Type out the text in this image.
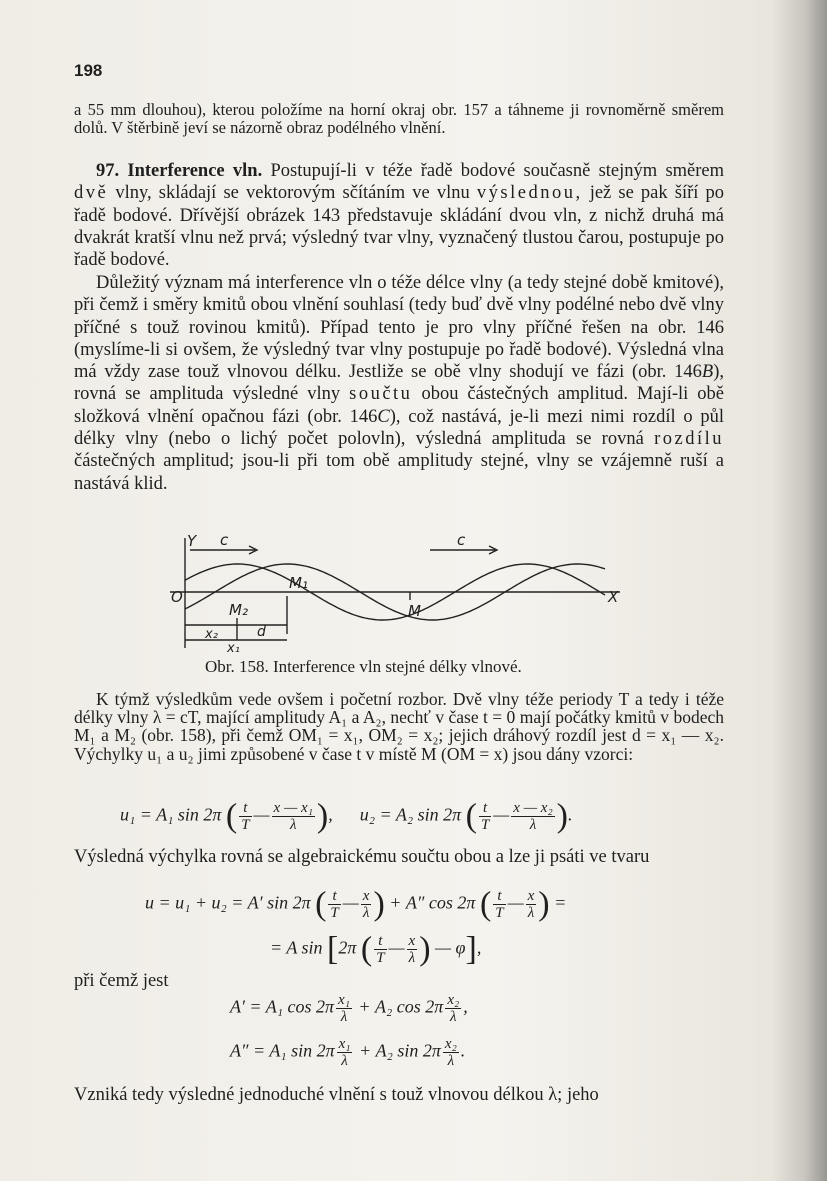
198

a 55 mm dlouhou), kterou položíme na horní okraj obr. 157 a táhneme ji rovnoměrně směrem dolů. V štěrbině jeví se názorně obraz podélného vlnění.

97. Interference vln. Postupují-li v téže řadě bodové současně stejným směrem dvě vlny, skládají se vektorovým sčítáním ve vlnu výslednou, jež se pak šíří po řadě bodové. Dřívější obrázek 143 představuje skládání dvou vln, z nichž druhá má dvakrát kratší vlnu než prvá; výsledný tvar vlny, vyznačený tlustou čarou, postupuje po řadě bodové.

Důležitý význam má interference vln o téže délce vlny (a tedy stejné době kmitové), při čemž i směry kmitů obou vlnění souhlasí (tedy buď dvě vlny podélné nebo dvě vlny příčné s touž rovinou kmitů). Případ tento je pro vlny příčné řešen na obr. 146 (myslíme-li si ovšem, že výsledný tvar vlny postupuje po řadě bodové). Výsledná vlna má vždy zase touž vlnovou délku. Jestliže se obě vlny shodují ve fázi (obr. 146B), rovná se amplituda výsledné vlny součtu obou částečných amplitud. Mají-li obě složková vlnění opačnou fázi (obr. 146C), což nastává, je-li mezi nimi rozdíl o půl délky vlny (nebo o lichý počet polovln), výsledná amplituda se rovná rozdílu částečných amplitud; jsou-li při tom obě amplitudy stejné, vlny se vzájemně ruší a nastává klid.

Y c	c
O
M₁
M₂	M
X
x₂	d
x₁
Obr. 158. Interference vln stejné délky vlnové.

K týmž výsledkům vede ovšem i početní rozbor. Dvě vlny téže periody T a tedy i téže délky vlny λ = cT, mající amplitudy A₁ a A₂, nechť v čase t = 0 mají počátky kmitů v bodech M₁ a M₂ (obr. 158), při čemž OM₁ = x₁, OM₂ = x₂; jejich dráhový rozdíl jest d = x₁ — x₂. Výchylky u₁ a u₂ jimi způsobené v čase t v místě M (OM = x) jsou dány vzorci:

u₁ = A₁ sin 2π ( $\frac{t}{T}$ — $\frac{\text{x — x₁}}{\lambda}$ ), u₂ = A₂ sin 2π ( $\frac{t}{T}$ — $\frac{\text{x — x₂}}{\lambda}$ ).

Výsledná výchylka rovná se algebraickému součtu obou a lze ji psáti ve tvaru

u = u₁ + u₂ = A′ sin 2π ( $\frac{t}{T}$ — $\frac{x}{\lambda}$ ) + A″ cos 2π ( $\frac{t}{T}$ — $\frac{x}{\lambda}$ ) =
= A sin [2π ( $\frac{t}{T}$ — $\frac{x}{\lambda}$ ) — φ],

při čemž jest

A′ = A₁ $\cos 2\pi \frac{\text{x₁}}{\lambda} + A_2$ $\cos 2\pi \frac{\text{x₂}}{\lambda}$ ,
A″ = A₁ $\sin 2\pi \frac{\text{x₁}}{\lambda} + A_2$ $\sin 2\pi \frac{\text{x₂}}{\lambda}$ .

Vzniká tedy výsledné jednoduché vlnění s touž vlnovou délkou λ; jeho
